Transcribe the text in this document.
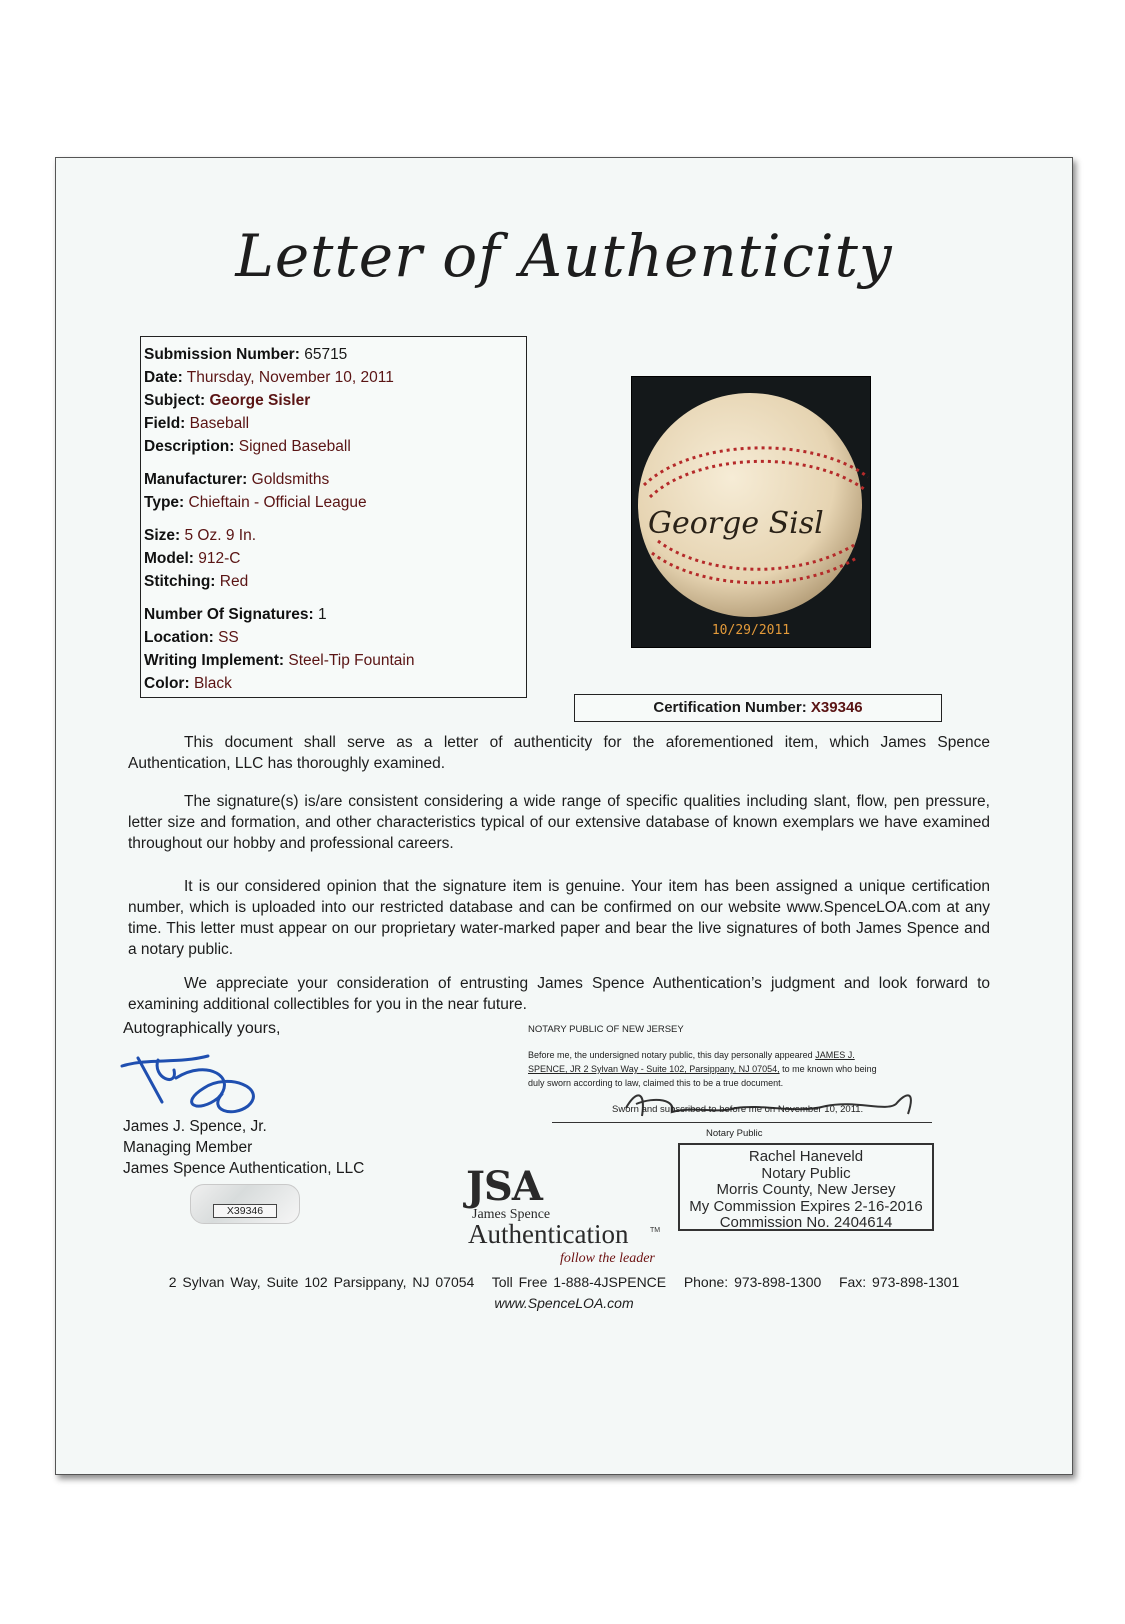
Letter of Authenticity
Submission Number: 65715
Date: Thursday, November 10, 2011
Subject: George Sisler
Field: Baseball
Description: Signed Baseball
Manufacturer: Goldsmiths
Type: Chieftain - Official League
Size: 5 Oz. 9 In.
Model: 912-C
Stitching: Red
Number Of Signatures: 1
Location: SS
Writing Implement: Steel-Tip Fountain
Color: Black
George Sisl
10/29/2011
Certification Number: X39346

This document shall serve as a letter of authenticity for the aforementioned item, which James Spence Authentication, LLC has thoroughly examined.

The signature(s) is/are consistent considering a wide range of specific qualities including slant, flow, pen pressure, letter size and formation, and other characteristics typical of our extensive database of known exemplars we have examined throughout our hobby and professional careers.

It is our considered opinion that the signature item is genuine. Your item has been assigned a unique certification number, which is uploaded into our restricted database and can be confirmed on our website www.SpenceLOA.com at any time. This letter must appear on our proprietary water-marked paper and bear the live signatures of both James Spence and a notary public.

We appreciate your consideration of entrusting James Spence Authentication’s judgment and look forward to examining additional collectibles for you in the near future.

Autographically yours,
James J. Spence, Jr.
Managing Member
James Spence Authentication, LLC
NOTARY PUBLIC OF NEW JERSEY
Before me, the undersigned notary public, this day personally appeared JAMES J. SPENCE, JR 2 Sylvan Way - Suite 102, Parsippany, NJ 07054, to me known who being duly sworn according to law, claimed this to be a true document.
Sworn and subscribed to before me on November 10, 2011.
Notary Public
Rachel Haneveld
Notary Public
Morris County, New Jersey
My Commission Expires 2-16-2016
Commission No. 2404614
X39346
JSA
James Spence
Authentication	TM
follow the leader
2 Sylvan Way, Suite 102 Parsippany, NJ 07054 Toll Free 1-888-4JSPENCE Phone: 973-898-1300 Fax: 973-898-1301
www.SpenceLOA.com
